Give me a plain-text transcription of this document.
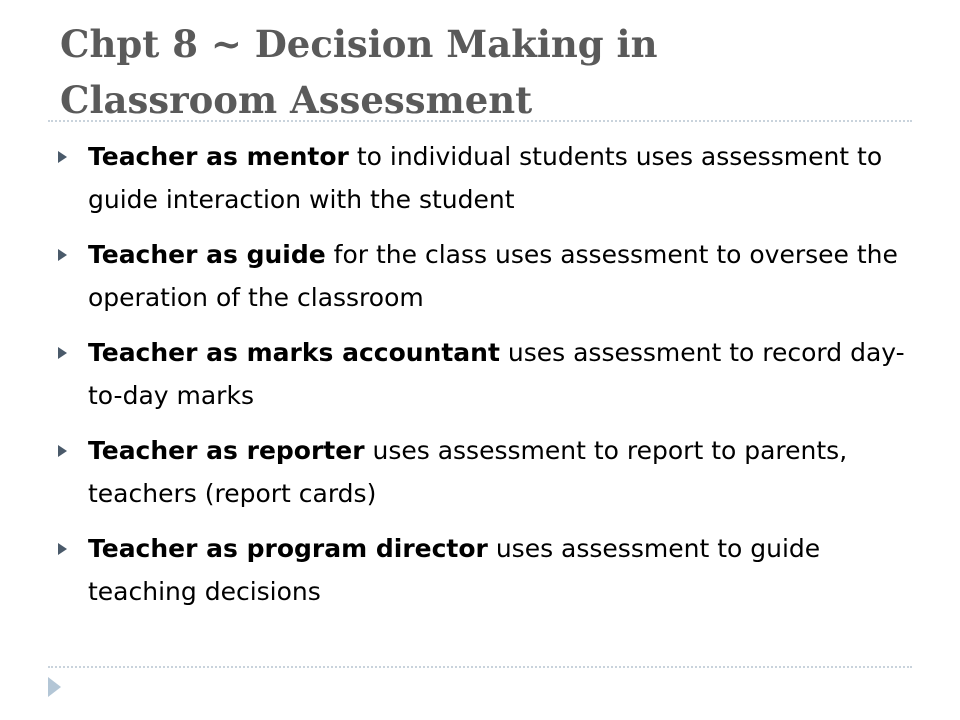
Chpt 8 ~ Decision Making in
Classroom Assessment
Teacher as mentor to individual students uses assessment to guide interaction with the student
Teacher as guide for the class uses assessment to oversee the operation of the classroom
Teacher as marks accountant uses assessment to record day-to-day marks
Teacher as reporter uses assessment to report to parents, teachers (report cards)
Teacher as program director uses assessment to guide teaching decisions
